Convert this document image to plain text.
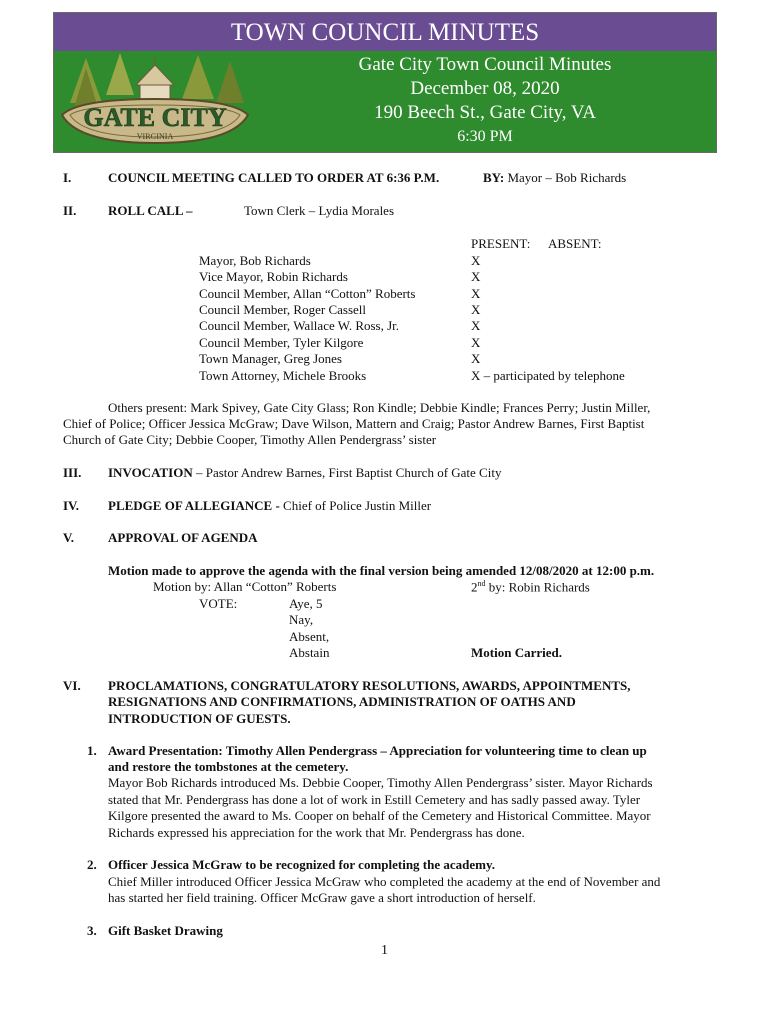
TOWN COUNCIL MINUTES
GATE CITY
VIRGINIA
Gate City Town Council Minutes
December 08, 2020
190 Beech St., Gate City, VA
6:30 PM
I.	COUNCIL MEETING CALLED TO ORDER AT 6:36 P.M.	BY: Mayor – Bob Richards
II. ROLL CALL –	Town Clerk – Lydia Morales
PRESENT: ABSENT:
Mayor, Bob Richards	X
Vice Mayor, Robin Richards	X
Council Member, Allan “Cotton” Roberts	X
Council Member, Roger Cassell	X
Council Member, Wallace W. Ross, Jr.	X
Council Member, Tyler Kilgore	X
Town Manager, Greg Jones	X
Town Attorney, Michele Brooks	X – participated by telephone
Others present: Mark Spivey, Gate City Glass; Ron Kindle; Debbie Kindle; Frances Perry; Justin Miller,
Chief of Police; Officer Jessica McGraw; Dave Wilson, Mattern and Craig; Pastor Andrew Barnes, First Baptist
Church of Gate City; Debbie Cooper, Timothy Allen Pendergrass’ sister
III. INVOCATION – Pastor Andrew Barnes, First Baptist Church of Gate City
IV. PLEDGE OF ALLEGIANCE - Chief of Police Justin Miller
V.	APPROVAL OF AGENDA
Motion made to approve the agenda with the final version being amended 12/08/2020 at 12:00 p.m.
Motion by: Allan “Cotton” Roberts	2nd by: Robin Richards
VOTE:	Aye, 5
Nay,
Absent,
Abstain	Motion Carried.
VI. PROCLAMATIONS, CONGRATULATORY RESOLUTIONS, AWARDS, APPOINTMENTS,
RESIGNATIONS AND CONFIRMATIONS, ADMINISTRATION OF OATHS AND
INTRODUCTION OF GUESTS.
1. Award Presentation: Timothy Allen Pendergrass – Appreciation for volunteering time to clean up
and restore the tombstones at the cemetery.
Mayor Bob Richards introduced Ms. Debbie Cooper, Timothy Allen Pendergrass’ sister. Mayor Richards
stated that Mr. Pendergrass has done a lot of work in Estill Cemetery and has sadly passed away. Tyler
Kilgore presented the award to Ms. Cooper on behalf of the Cemetery and Historical Committee. Mayor
Richards expressed his appreciation for the work that Mr. Pendergrass has done.
2. Officer Jessica McGraw to be recognized for completing the academy.
Chief Miller introduced Officer Jessica McGraw who completed the academy at the end of November and
has started her field training. Officer McGraw gave a short introduction of herself.
3. Gift Basket Drawing
1
